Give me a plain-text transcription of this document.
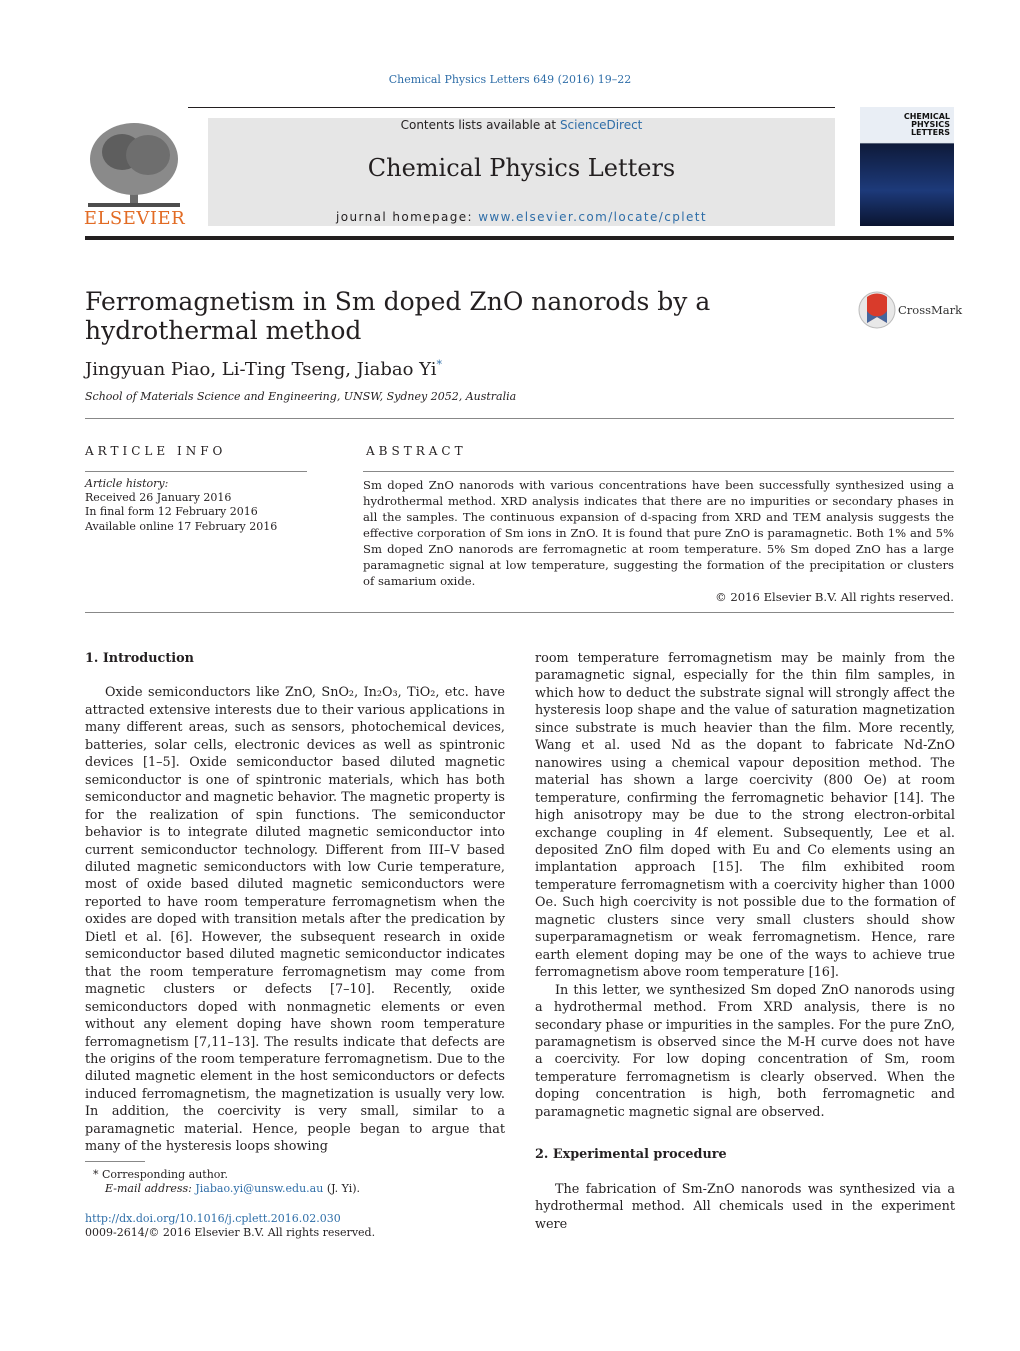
Chemical Physics Letters 649 (2016) 19–22
ELSEVIER
Contents lists available at ScienceDirect
Chemical Physics Letters
journal homepage: www.elsevier.com/locate/cplett
CHEMICAL
PHYSICS
LETTERS
Ferromagnetism in Sm doped ZnO nanorods by a hydrothermal method
CrossMark
Jingyuan Piao, Li-Ting Tseng, Jiabao Yi*
School of Materials Science and Engineering, UNSW, Sydney 2052, Australia
ARTICLE INFO
Article history:
Received 26 January 2016
In final form 12 February 2016
Available online 17 February 2016
ABSTRACT
Sm doped ZnO nanorods with various concentrations have been successfully synthesized using a hydrothermal method. XRD analysis indicates that there are no impurities or secondary phases in all the samples. The continuous expansion of d-spacing from XRD and TEM analysis suggests the effective corporation of Sm ions in ZnO. It is found that pure ZnO is paramagnetic. Both 1% and 5% Sm doped ZnO nanorods are ferromagnetic at room temperature. 5% Sm doped ZnO has a large paramagnetic signal at low temperature, suggesting the formation of the precipitation or clusters of samarium oxide.
© 2016 Elsevier B.V. All rights reserved.

1. Introduction

Oxide semiconductors like ZnO, SnO₂, In₂O₃, TiO₂, etc. have attracted extensive interests due to their various applications in many different areas, such as sensors, photochemical devices, batteries, solar cells, electronic devices as well as spintronic devices [1–5]. Oxide semiconductor based diluted magnetic semiconductor is one of spintronic materials, which has both semiconductor and magnetic behavior. The magnetic property is for the realization of spin functions. The semiconductor behavior is to integrate diluted magnetic semiconductor into current semiconductor technology. Different from III–V based diluted magnetic semiconductors with low Curie temperature, most of oxide based diluted magnetic semiconductors were reported to have room temperature ferromagnetism when the oxides are doped with transition metals after the predication by Dietl et al. [6]. However, the subsequent research in oxide semiconductor based diluted magnetic semiconductor indicates that the room temperature ferromagnetism may come from magnetic clusters or defects [7–10]. Recently, oxide semiconductors doped with nonmagnetic elements or even without any element doping have shown room temperature ferromagnetism [7,11–13]. The results indicate that defects are the origins of the room temperature ferromagnetism. Due to the diluted magnetic element in the host semiconductors or defects induced ferromagnetism, the magnetization is usually very low. In addition, the coercivity is very small, similar to a paramagnetic material. Hence, people began to argue that many of the hysteresis loops showing

room temperature ferromagnetism may be mainly from the paramagnetic signal, especially for the thin film samples, in which how to deduct the substrate signal will strongly affect the hysteresis loop shape and the value of saturation magnetization since substrate is much heavier than the film. More recently, Wang et al. used Nd as the dopant to fabricate Nd-ZnO nanowires using a chemical vapour deposition method. The material has shown a large coercivity (800 Oe) at room temperature, confirming the ferromagnetic behavior [14]. The high anisotropy may be due to the strong electron-orbital exchange coupling in 4f element. Subsequently, Lee et al. deposited ZnO film doped with Eu and Co elements using an implantation approach [15]. The film exhibited room temperature ferromagnetism with a coercivity higher than 1000 Oe. Such high coercivity is not possible due to the formation of magnetic clusters since very small clusters should show superparamagnetism or weak ferromagnetism. Hence, rare earth element doping may be one of the ways to achieve true ferromagnetism above room temperature [16].

In this letter, we synthesized Sm doped ZnO nanorods using a hydrothermal method. From XRD analysis, there is no secondary phase or impurities in the samples. For the pure ZnO, paramagnetism is observed since the M-H curve does not have a coercivity. For low doping concentration of Sm, room temperature ferromagnetism is clearly observed. When the doping concentration is high, both ferromagnetic and paramagnetic magnetic signal are observed.

2. Experimental procedure

The fabrication of Sm-ZnO nanorods was synthesized via a hydrothermal method. All chemicals used in the experiment were

* Corresponding author.
E-mail address: Jiabao.yi@unsw.edu.au (J. Yi).
http://dx.doi.org/10.1016/j.cplett.2016.02.030
0009-2614/© 2016 Elsevier B.V. All rights reserved.
